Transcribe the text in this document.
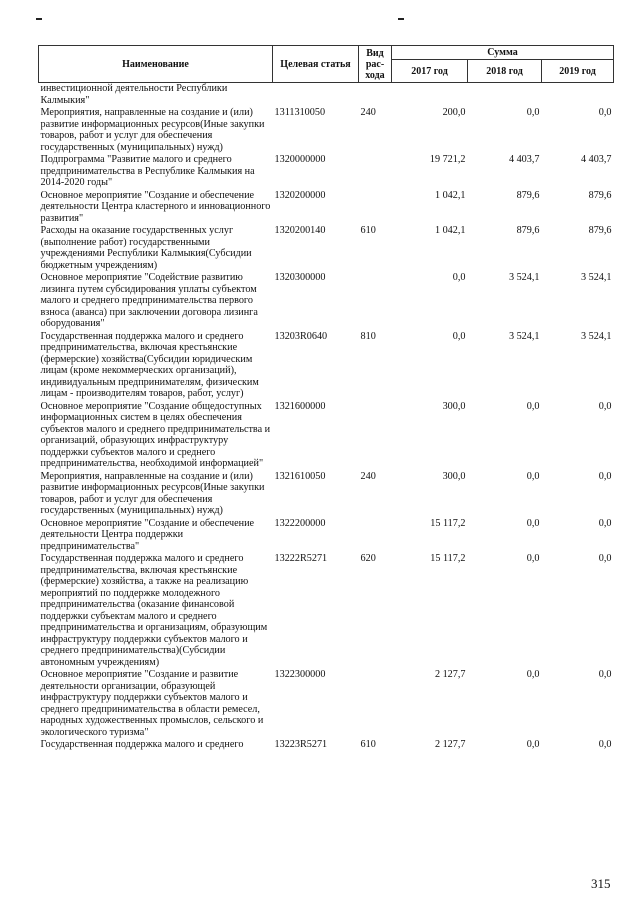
Наименование	Целевая статья	Вид рас-хода	Сумма		
			2017 год	2018 год	2019 год
инвестиционной деятельности Республики Калмыкия"					
Мероприятия, направленные на создание и (или) развитие информационных ресурсов(Иные закупки товаров, работ и услуг для обеспечения государственных (муниципальных) нужд)	1311310050	240	200,0	0,0	0,0
Подпрограмма "Развитие малого и среднего предпринимательства в Республике Калмыкия на 2014-2020 годы"	1320000000		19 721,2	4 403,7	4 403,7
Основное мероприятие "Создание и обеспечение деятельности Центра кластерного и инновационного развития"	1320200000		1 042,1	879,6	879,6
Расходы на оказание государственных услуг (выполнение работ) государственными учреждениями Республики Калмыкия(Субсидии бюджетным учреждениям)	1320200140	610	1 042,1	879,6	879,6
Основное мероприятие "Содействие развитию лизинга путем субсидирования уплаты субъектом малого и среднего предпринимательства первого взноса (аванса) при заключении договора лизинга оборудования"	1320300000		0,0	3 524,1	3 524,1
Государственная поддержка малого и среднего предпринимательства, включая крестьянские (фермерские) хозяйства(Субсидии юридическим лицам (кроме некоммерческих организаций), индивидуальным предпринимателям, физическим лицам - производителям товаров, работ, услуг)	13203R0640	810	0,0	3 524,1	3 524,1
Основное мероприятие "Создание общедоступных информационных систем в целях обеспечения субъектов малого и среднего предпринимательства и организаций, образующих инфраструктуру поддержки субъектов малого и среднего предпринимательства, необходимой информацией"	1321600000		300,0	0,0	0,0
Мероприятия, направленные на создание и (или) развитие информационных ресурсов(Иные закупки товаров, работ и услуг для обеспечения государственных (муниципальных) нужд)	1321610050	240	300,0	0,0	0,0
Основное мероприятие "Создание и обеспечение деятельности Центра поддержки предпринимательства"	1322200000		15 117,2	0,0	0,0
Государственная поддержка малого и среднего предпринимательства, включая крестьянские (фермерские) хозяйства, а также на реализацию мероприятий по поддержке молодежного предпринимательства (оказание финансовой поддержки субъектам малого и среднего предпринимательства и организациям, образующим инфраструктуру поддержки субъектов малого и среднего предпринимательства)(Субсидии автономным учреждениям)	13222R5271	620	15 117,2	0,0	0,0
Основное мероприятие "Создание и развитие деятельности организации, образующей инфраструктуру поддержки субъектов малого и среднего предпринимательства в области ремесел, народных художественных промыслов, сельского и экологического туризма"	1322300000		2 127,7	0,0	0,0
Государственная поддержка малого и среднего	13223R5271	610	2 127,7	0,0	0,0
315
